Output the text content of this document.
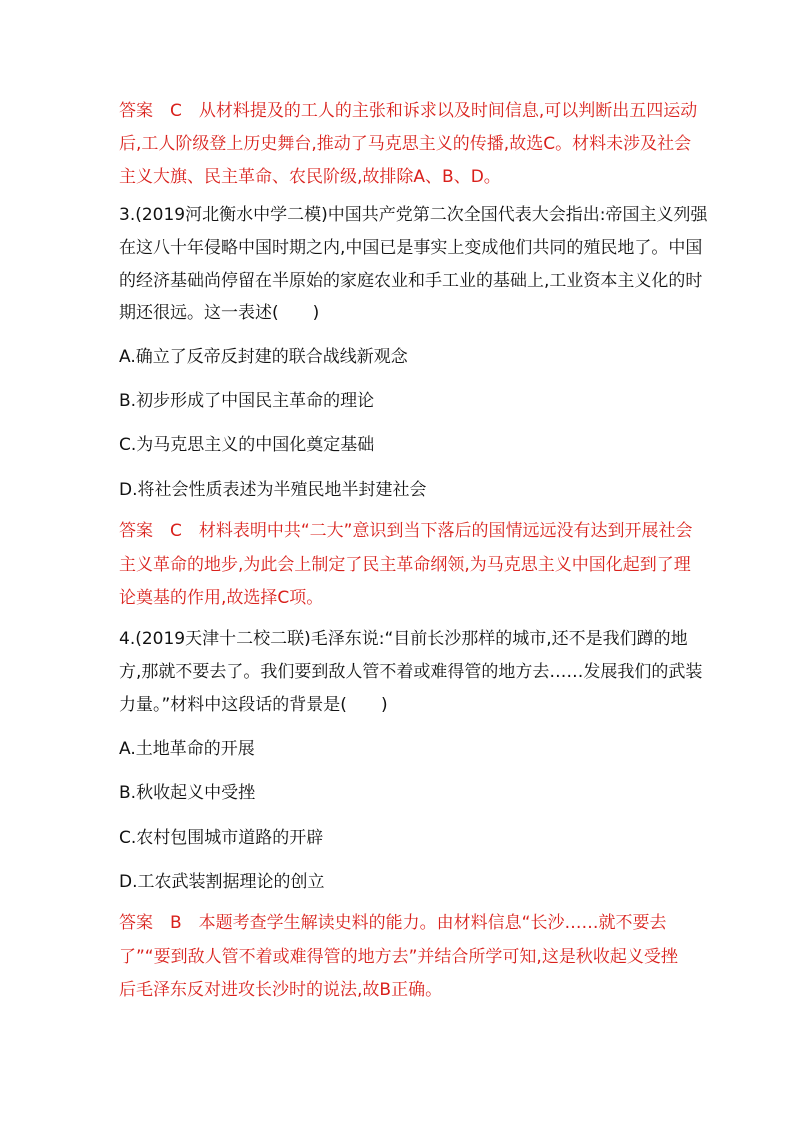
答案　C　从材料提及的工人的主张和诉求以及时间信息,可以判断出五四运动
后,工人阶级登上历史舞台,推动了马克思主义的传播,故选C。材料未涉及社会
主义大旗、民主革命、农民阶级,故排除A、B、D。
3.(2019河北衡水中学二模)中国共产党第二次全国代表大会指出:帝国主义列强
在这八十年侵略中国时期之内,中国已是事实上变成他们共同的殖民地了。中国
的经济基础尚停留在半原始的家庭农业和手工业的基础上,工业资本主义化的时
期还很远。这一表述(　　)
A.确立了反帝反封建的联合战线新观念
B.初步形成了中国民主革命的理论
C.为马克思主义的中国化奠定基础
D.将社会性质表述为半殖民地半封建社会
答案　C　材料表明中共“二大”意识到当下落后的国情远远没有达到开展社会
主义革命的地步,为此会上制定了民主革命纲领,为马克思主义中国化起到了理
论奠基的作用,故选择C项。
4.(2019天津十二校二联)毛泽东说:“目前长沙那样的城市,还不是我们蹲的地
方,那就不要去了。我们要到敌人管不着或难得管的地方去……发展我们的武装
力量。”材料中这段话的背景是(　　)
A.土地革命的开展
B.秋收起义中受挫
C.农村包围城市道路的开辟
D.工农武装割据理论的创立
答案　B　本题考查学生解读史料的能力。由材料信息“长沙……就不要去
了”“要到敌人管不着或难得管的地方去”并结合所学可知,这是秋收起义受挫
后毛泽东反对进攻长沙时的说法,故B正确。
